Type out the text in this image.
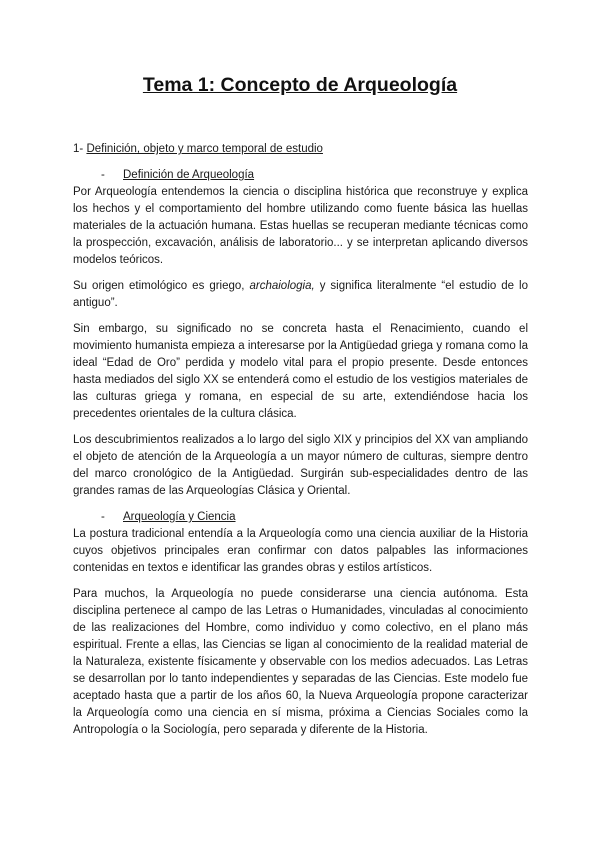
Tema 1: Concepto de Arqueología
1- Definición, objeto y marco temporal de estudio
- Definición de Arqueología

Por Arqueología entendemos la ciencia o disciplina histórica que reconstruye y explica los hechos y el comportamiento del hombre utilizando como fuente básica las huellas materiales de la actuación humana. Estas huellas se recuperan mediante técnicas como la prospección, excavación, análisis de laboratorio... y se interpretan aplicando diversos modelos teóricos.

Su origen etimológico es griego, archaiologia, y significa literalmente “el estudio de lo antiguo”.

Sin embargo, su significado no se concreta hasta el Renacimiento, cuando el movimiento humanista empieza a interesarse por la Antigüedad griega y romana como la ideal “Edad de Oro” perdida y modelo vital para el propio presente. Desde entonces hasta mediados del siglo XX se entenderá como el estudio de los vestigios materiales de las culturas griega y romana, en especial de su arte, extendiéndose hacia los precedentes orientales de la cultura clásica.

Los descubrimientos realizados a lo largo del siglo XIX y principios del XX van ampliando el objeto de atención de la Arqueología a un mayor número de culturas, siempre dentro del marco cronológico de la Antigüedad. Surgirán sub-especialidades dentro de las grandes ramas de las Arqueologías Clásica y Oriental.

- Arqueología y Ciencia

La postura tradicional entendía a la Arqueología como una ciencia auxiliar de la Historia cuyos objetivos principales eran confirmar con datos palpables las informaciones contenidas en textos e identificar las grandes obras y estilos artísticos.

Para muchos, la Arqueología no puede considerarse una ciencia autónoma. Esta disciplina pertenece al campo de las Letras o Humanidades, vinculadas al conocimiento de las realizaciones del Hombre, como individuo y como colectivo, en el plano más espiritual. Frente a ellas, las Ciencias se ligan al conocimiento de la realidad material de la Naturaleza, existente físicamente y observable con los medios adecuados. Las Letras se desarrollan por lo tanto independientes y separadas de las Ciencias. Este modelo fue aceptado hasta que a partir de los años 60, la Nueva Arqueología propone caracterizar la Arqueología como una ciencia en sí misma, próxima a Ciencias Sociales como la Antropología o la Sociología, pero separada y diferente de la Historia.
